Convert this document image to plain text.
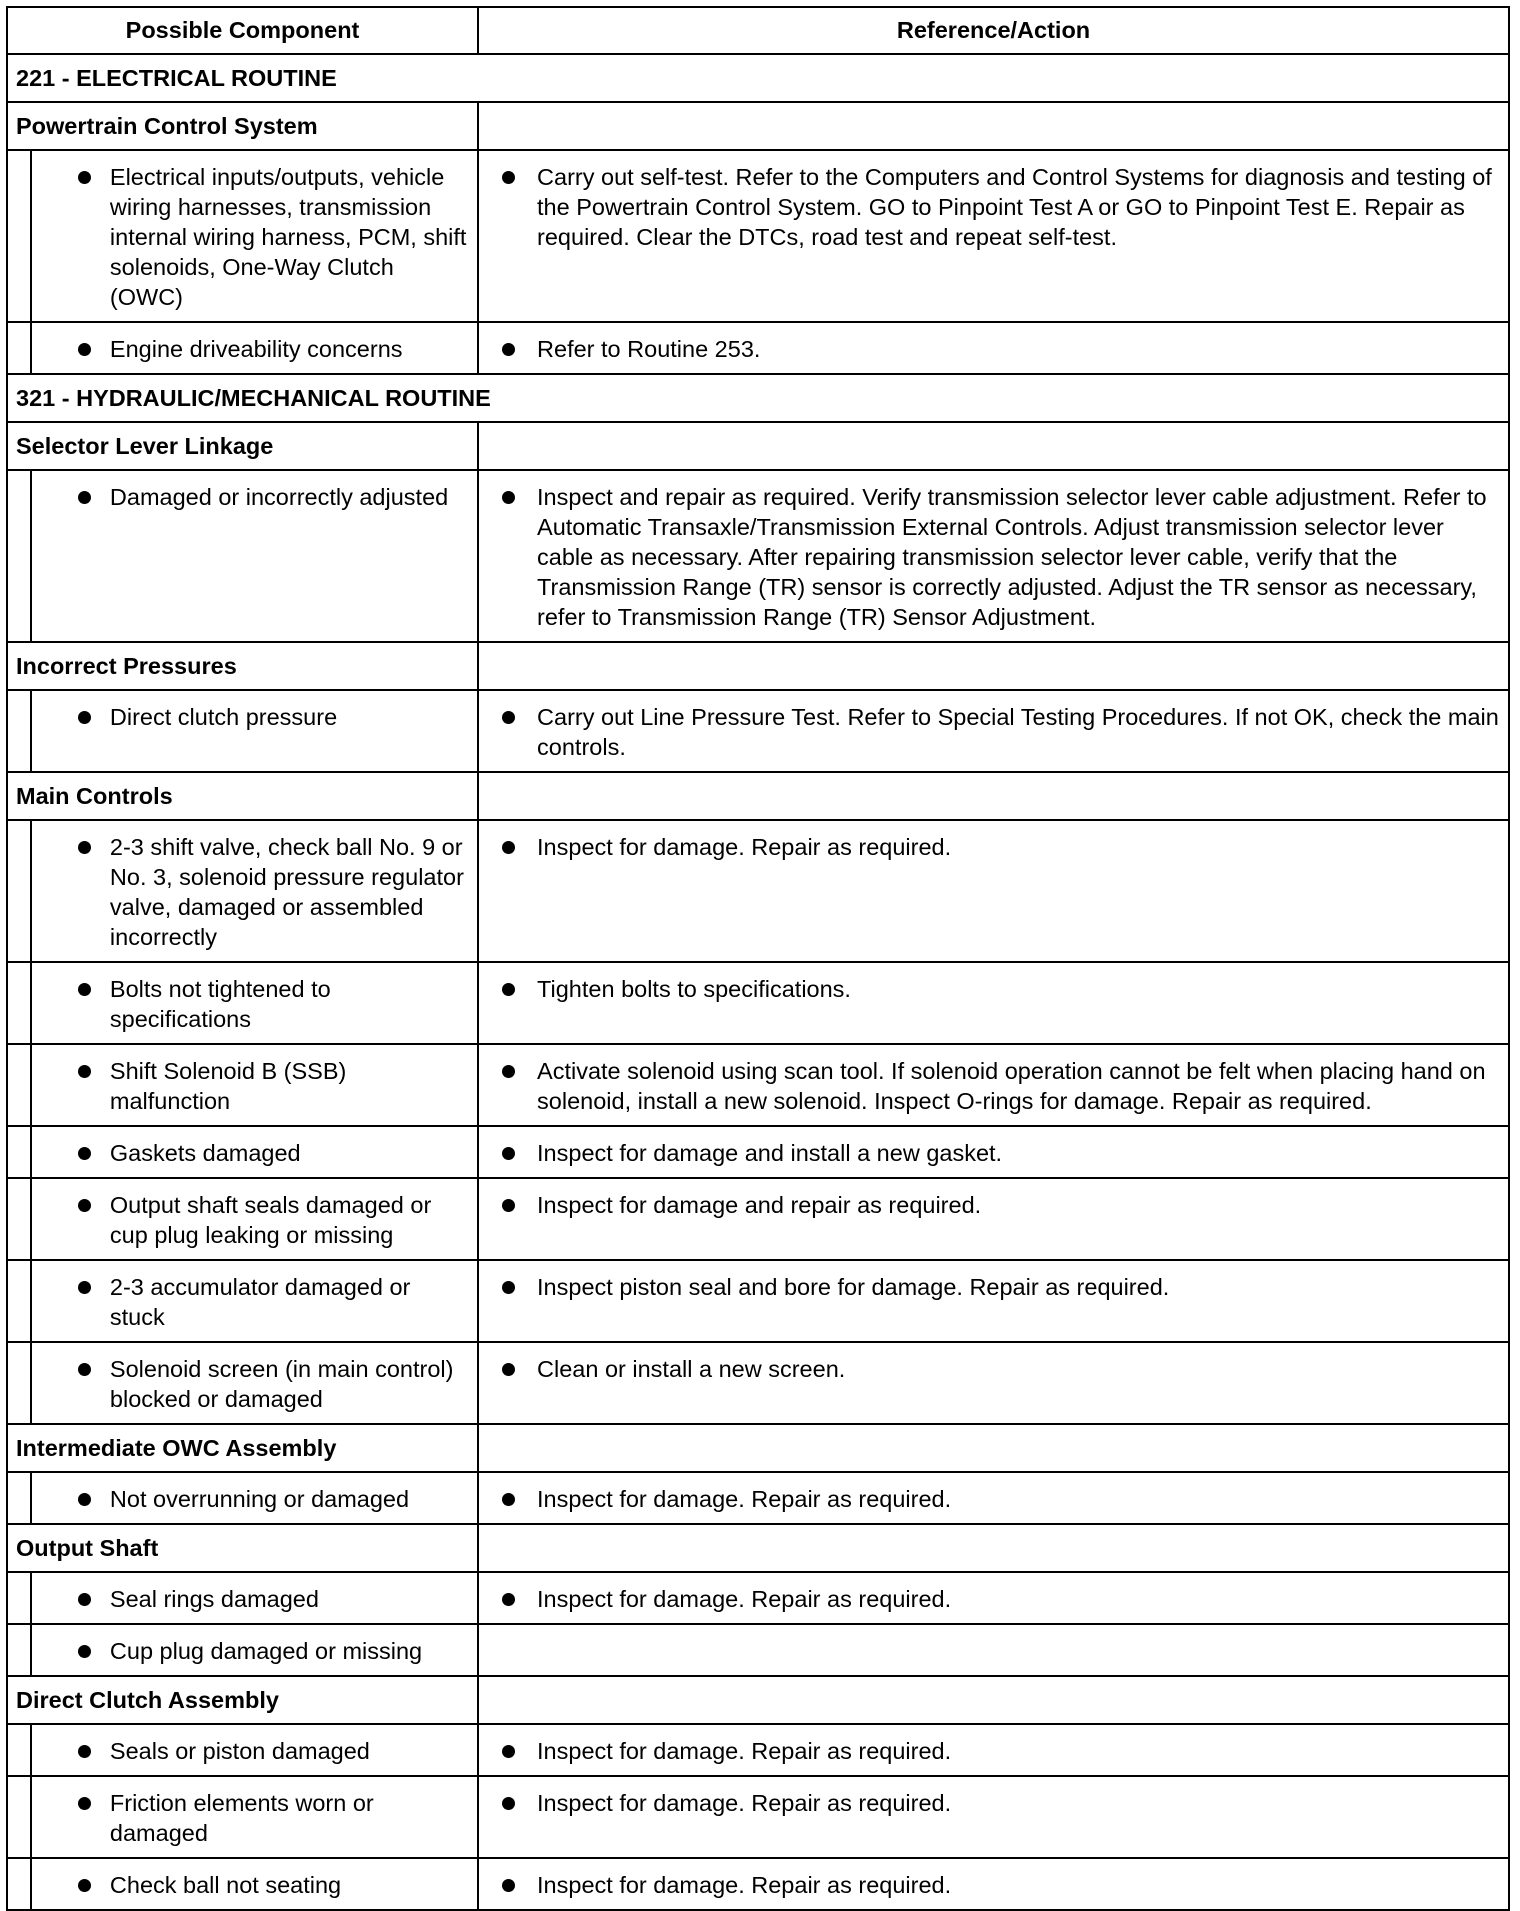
Possible Component		Reference/Action
221 - ELECTRICAL ROUTINE		
Powertrain Control System		

Electrical inputs/outputs, vehicle wiring harnesses, transmission internal wiring harness, PCM, shift solenoids, One-Way Clutch (OWC)	Carry out self-test. Refer to the Computers and Control Systems for diagnosis and testing of the Powertrain Control System. GO to Pinpoint Test A or GO to Pinpoint Test E. Repair as required. Clear the DTCs, road test and repeat self-test.

Engine driveability concerns	Refer to Routine 253.
321 - HYDRAULIC/MECHANICAL ROUTINE		
Selector Lever Linkage		

Damaged or incorrectly adjusted	Inspect and repair as required. Verify transmission selector lever cable adjustment. Refer to Automatic Transaxle/Transmission External Controls. Adjust transmission selector lever cable as necessary. After repairing transmission selector lever cable, verify that the Transmission Range (TR) sensor is correctly adjusted. Adjust the TR sensor as necessary, refer to Transmission Range (TR) Sensor Adjustment.
Incorrect Pressures		

Direct clutch pressure	Carry out Line Pressure Test. Refer to Special Testing Procedures. If not OK, check the main controls.
Main Controls		

2-3 shift valve, check ball No. 9 or No. 3, solenoid pressure regulator valve, damaged or assembled incorrectly	Inspect for damage. Repair as required.

Bolts not tightened to specifications	Tighten bolts to specifications.

Shift Solenoid B (SSB) malfunction	Activate solenoid using scan tool. If solenoid operation cannot be felt when placing hand on solenoid, install a new solenoid. Inspect O-rings for damage. Repair as required.

Gaskets damaged	Inspect for damage and install a new gasket.

Output shaft seals damaged or cup plug leaking or missing	Inspect for damage and repair as required.

2-3 accumulator damaged or stuck	Inspect piston seal and bore for damage. Repair as required.

Solenoid screen (in main control) blocked or damaged	Clean or install a new screen.
Intermediate OWC Assembly		

Not overrunning or damaged	Inspect for damage. Repair as required.
Output Shaft		

Seal rings damaged	Inspect for damage. Repair as required.

Cup plug damaged or missing	
Direct Clutch Assembly		

Seals or piston damaged	Inspect for damage. Repair as required.

Friction elements worn or damaged	Inspect for damage. Repair as required.

Check ball not seating	Inspect for damage. Repair as required.
